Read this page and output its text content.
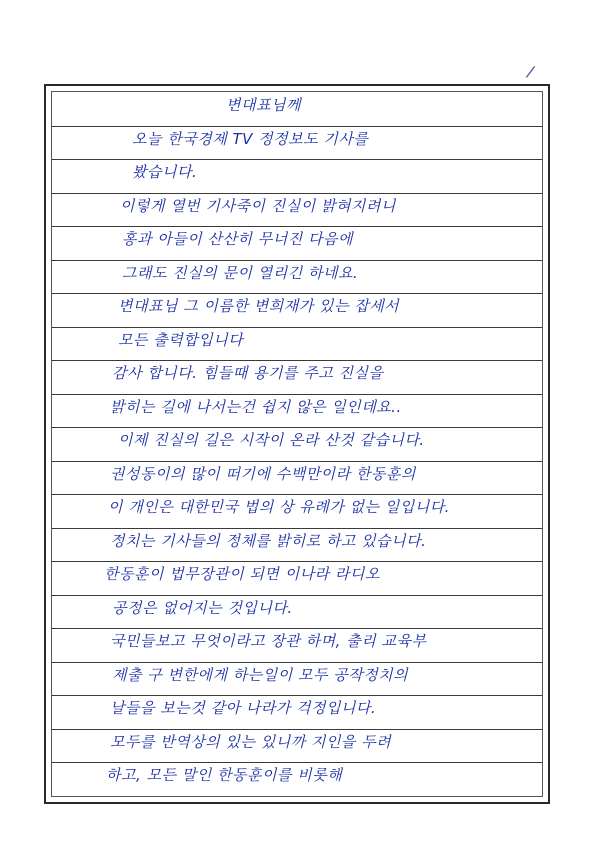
/
변대표님께
오늘 한국경제 TV 정정보도 기사를
봤습니다.
이렇게 열번 기사죽이 진실이 밝혀지려니
홍과 아들이 산산히 무너진 다음에
그래도 진실의 문이 열리긴 하네요.
변대표님 그 이름한 변희재가 있는 잡세서
모든 출력합입니다
감사 합니다. 힘들때 용기를 주고 진실을
밝히는 길에 나서는건 쉽지 않은 일인데요..
이제 진실의 길은 시작이 온라 산것 같습니다.
권성동이의 많이 떠기에 수백만이라 한동훈의
이 개인은 대한민국 법의 상 유례가 없는 일입니다.
정치는 기사들의 정체를 밝히로 하고 있습니다.
한동훈이 법무장관이 되면 이나라 라디오
공정은 없어지는 것입니다.
국민들보고 무엇이라고 장관 하며, 출리 교육부
제출 구 변한에게 하는일이 모두 공작정치의
날들을 보는것 같아 나라가 걱정입니다.
모두를 반역상의 있는 있니까 지인을 두려
하고, 모든 말인 한동훈이를 비롯해
